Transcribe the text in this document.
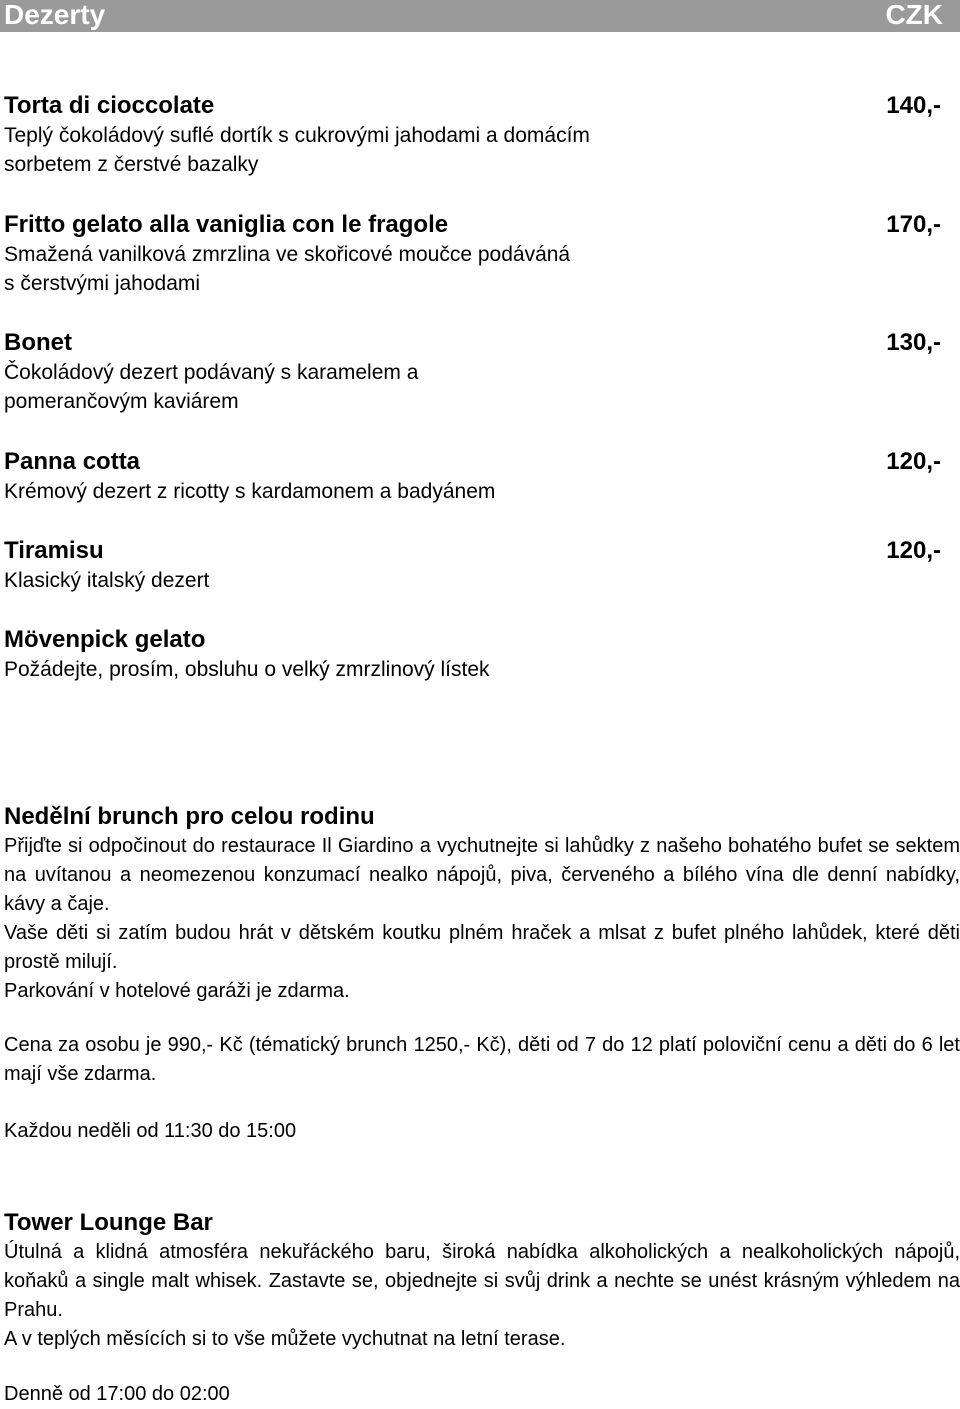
Dezerty	CZK
Torta di cioccolate	140,-
Teplý čokoládový suflé dortík s cukrovými jahodami a domácím sorbetem z čerstvé bazalky
Fritto gelato alla vaniglia con le fragole	170,-
Smažená vanilková zmrzlina ve skořicové moučce podáváná s čerstvými jahodami
Bonet	130,-
Čokoládový dezert podávaný s karamelem a pomerančovým kaviárem
Panna cotta	120,-
Krémový dezert z ricotty s kardamonem a badyánem
Tiramisu	120,-
Klasický italský dezert
Mövenpick gelato
Požádejte, prosím, obsluhu o velký zmrzlinový lístek
Nedělní brunch pro celou rodinu

Přijďte si odpočinout do restaurace Il Giardino a vychutnejte si lahůdky z našeho bohatého bufet se sektem na uvítanou a neomezenou konzumací nealko nápojů, piva, červeného a bílého vína dle denní nabídky, kávy a čaje.

Vaše děti si zatím budou hrát v dětském koutku plném hraček a mlsat z bufet plného lahůdek, které děti prostě milují.

Parkování v hotelové garáži je zdarma.

Cena za osobu je 990,- Kč (tématický brunch 1250,- Kč), děti od 7 do 12 platí poloviční cenu a děti do 6 let mají vše zdarma.

Každou neděli od 11:30 do 15:00
Tower Lounge Bar

Útulná a klidná atmosféra nekuřáckého baru, široká nabídka alkoholických a nealkoholických nápojů, koňaků a single malt whisek. Zastavte se, objednejte si svůj drink a nechte se unést krásným výhledem na Prahu.

A v teplých měsících si to vše můžete vychutnat na letní terase.

Denně od 17:00 do 02:00
